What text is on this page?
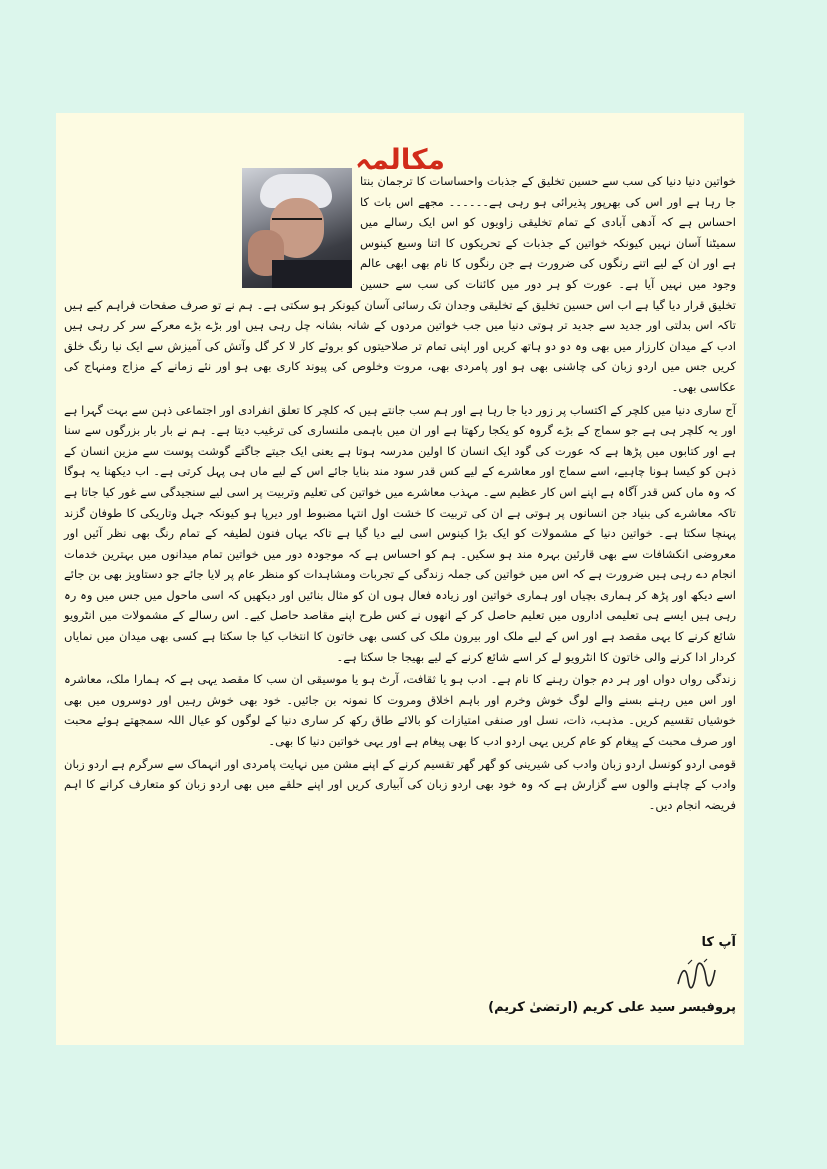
مکالمہ

خواتین دنیا دنیا کی سب سے حسین تخلیق کے جذبات واحساسات کا ترجمان بنتا جا رہا ہے اور اس کی بھرپور پذیرائی ہو رہی ہے۔۔۔۔۔۔ مجھے اس بات کا احساس ہے کہ آدھی آبادی کے تمام تخلیقی زاویوں کو اس ایک رسالے میں سمیٹنا آسان نہیں کیونکہ خواتین کے جذبات کے تحریکوں کا اتنا وسیع کینوس ہے اور ان کے لیے اتنے رنگوں کی ضرورت ہے جن رنگوں کا نام بھی ابھی عالم وجود میں نہیں آیا ہے۔ عورت کو ہر دور میں کائنات کی سب سے حسین تخلیق قرار دیا گیا ہے اب اس حسین تخلیق کے تخلیقی وجدان تک رسائی آسان کیونکر ہو سکتی ہے۔ ہم نے تو صرف صفحات فراہم کیے ہیں تاکہ اس بدلتی اور جدید سے جدید تر ہوتی دنیا میں جب خواتین مردوں کے شانہ بشانہ چل رہی ہیں اور بڑے بڑے معرکے سر کر رہی ہیں ادب کے میدان کارزار میں بھی وہ دو دو ہاتھ کریں اور اپنی تمام تر صلاحیتوں کو بروئے کار لا کر گل وآتش کی آمیزش سے ایک نیا رنگ خلق کریں جس میں اردو زبان کی چاشنی بھی ہو اور پامردی بھی، مروت وخلوص کی پیوند کاری بھی ہو اور نئے زمانے کے مزاج ومنہاج کی عکاسی بھی۔

آج ساری دنیا میں کلچر کے اکتساب پر زور دیا جا رہا ہے اور ہم سب جانتے ہیں کہ کلچر کا تعلق انفرادی اور اجتماعی ذہن سے بہت گہرا ہے اور یہ کلچر ہی ہے جو سماج کے بڑے گروہ کو یکجا رکھتا ہے اور ان میں باہمی ملنساری کی ترغیب دیتا ہے۔ ہم نے بار بار بزرگوں سے سنا ہے اور کتابوں میں پڑھا ہے کہ عورت کی گود ایک انسان کا اولین مدرسہ ہوتا ہے یعنی ایک جیتے جاگتے گوشت پوست سے مزین انسان کے ذہن کو کیسا ہونا چاہیے، اسے سماج اور معاشرے کے لیے کس قدر سود مند بنایا جائے اس کے لیے ماں ہی پہل کرتی ہے۔ اب دیکھنا یہ ہوگا کہ وہ ماں کس قدر آگاہ ہے اپنے اس کار عظیم سے۔ مہذب معاشرے میں خواتین کی تعلیم وتربیت پر اسی لیے سنجیدگی سے غور کیا جاتا ہے تاکہ معاشرے کی بنیاد جن انسانوں پر ہوتی ہے ان کی تربیت کا خشت اول انتہا مضبوط اور دیرپا ہو کیونکہ جہل وتاریکی کا طوفان گزند پہنچا سکتا ہے۔ خواتین دنیا کے مشمولات کو ایک بڑا کینوس اسی لیے دیا گیا ہے تاکہ یہاں فنون لطیفہ کے تمام رنگ بھی نظر آئیں اور معروضی انکشافات سے بھی قارئین بہرہ مند ہو سکیں۔ ہم کو احساس ہے کہ موجودہ دور میں خواتین تمام میدانوں میں بہترین خدمات انجام دے رہی ہیں ضرورت ہے کہ اس میں خواتین کی جملہ زندگی کے تجربات ومشاہدات کو منظر عام پر لایا جائے جو دستاویز بھی بن جائے اسے دیکھ اور پڑھ کر ہماری بچیاں اور ہماری خواتین اور زیادہ فعال ہوں ان کو مثال بنائیں اور دیکھیں کہ اسی ماحول میں جس میں وہ رہ رہی ہیں ایسے ہی تعلیمی اداروں میں تعلیم حاصل کر کے انھوں نے کس طرح اپنے مقاصد حاصل کیے۔ اس رسالے کے مشمولات میں انٹرویو شائع کرنے کا یہی مقصد ہے اور اس کے لیے ملک اور بیرون ملک کی کسی بھی خاتون کا انتخاب کیا جا سکتا ہے کسی بھی میدان میں نمایاں کردار ادا کرنے والی خاتون کا انٹرویو لے کر اسے شائع کرنے کے لیے بھیجا جا سکتا ہے۔

زندگی رواں دواں اور ہر دم جوان رہنے کا نام ہے۔ ادب ہو یا ثقافت، آرٹ ہو یا موسیقی ان سب کا مقصد یہی ہے کہ ہمارا ملک، معاشرہ اور اس میں رہنے بسنے والے لوگ خوش وخرم اور باہم اخلاق ومروت کا نمونہ بن جائیں۔ خود بھی خوش رہیں اور دوسروں میں بھی خوشیاں تقسیم کریں۔ مذہب، ذات، نسل اور صنفی امتیازات کو بالائے طاق رکھ کر ساری دنیا کے لوگوں کو عیال اللہ سمجھتے ہوئے محبت اور صرف محبت کے پیغام کو عام کریں یہی اردو ادب کا بھی پیغام ہے اور یہی خواتین دنیا کا بھی۔

قومی اردو کونسل اردو زبان وادب کی شیرینی کو گھر گھر تقسیم کرنے کے اپنے مشن میں نہایت پامردی اور انہماک سے سرگرم ہے اردو زبان وادب کے چاہنے والوں سے گزارش ہے کہ وہ خود بھی اردو زبان کی آبیاری کریں اور اپنے حلقے میں بھی اردو زبان کو متعارف کرانے کا اہم فریضہ انجام دیں۔

آپ کا
پروفیسر سید علی کریم (ارتضیٰ کریم)
